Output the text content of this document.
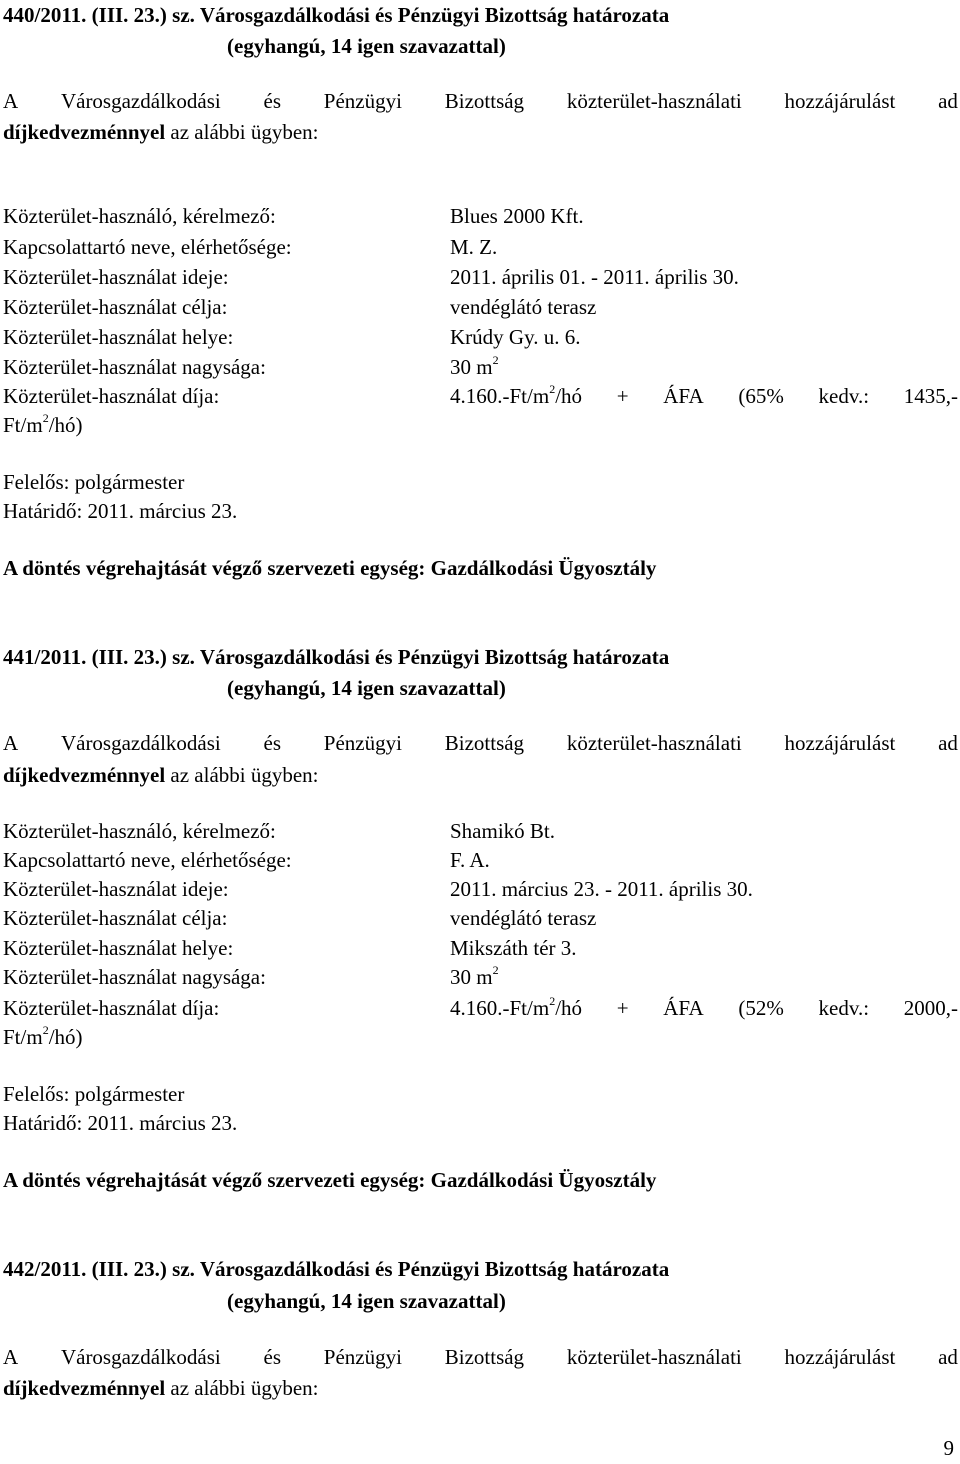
440/2011. (III. 23.) sz. Városgazdálkodási és Pénzügyi Bizottság határozata
(egyhangú, 14 igen szavazattal)
A Városgazdálkodási és Pénzügyi Bizottság közterület-használati hozzájárulást ad
díjkedvezménnyel az alábbi ügyben:
Közterület-használó, kérelmező:	Blues 2000 Kft.
Kapcsolattartó neve, elérhetősége:	M. Z.
Közterület-használat ideje:	2011. április 01. - 2011. április 30.
Közterület-használat célja:	vendéglátó terasz
Közterület-használat helye:	Krúdy Gy. u. 6.
Közterület-használat nagysága:	30 $m^2$
Közterület-használat díja:	$4.160.-Ft/m^2/hó$ + ÁFA (65% kedv.: 1435,-
$Ft/m^2/hó$)
Felelős: polgármester
Határidő: 2011. március 23.
A döntés végrehajtását végző szervezeti egység: Gazdálkodási Ügyosztály
441/2011. (III. 23.) sz. Városgazdálkodási és Pénzügyi Bizottság határozata
(egyhangú, 14 igen szavazattal)
A Városgazdálkodási és Pénzügyi Bizottság közterület-használati hozzájárulást ad
díjkedvezménnyel az alábbi ügyben:
Közterület-használó, kérelmező:	Shamikó Bt.
Kapcsolattartó neve, elérhetősége:	F. A.
Közterület-használat ideje:	2011. március 23. - 2011. április 30.
Közterület-használat célja:	vendéglátó terasz
Közterület-használat helye:	Mikszáth tér 3.
Közterület-használat nagysága:	30 $m^2$
Közterület-használat díja:	$4.160.-Ft/m^2/hó$ + ÁFA (52% kedv.: 2000,-
$Ft/m^2/hó$)
Felelős: polgármester
Határidő: 2011. március 23.
A döntés végrehajtását végző szervezeti egység: Gazdálkodási Ügyosztály
442/2011. (III. 23.) sz. Városgazdálkodási és Pénzügyi Bizottság határozata
(egyhangú, 14 igen szavazattal)
A Városgazdálkodási és Pénzügyi Bizottság közterület-használati hozzájárulást ad
díjkedvezménnyel az alábbi ügyben:
9
